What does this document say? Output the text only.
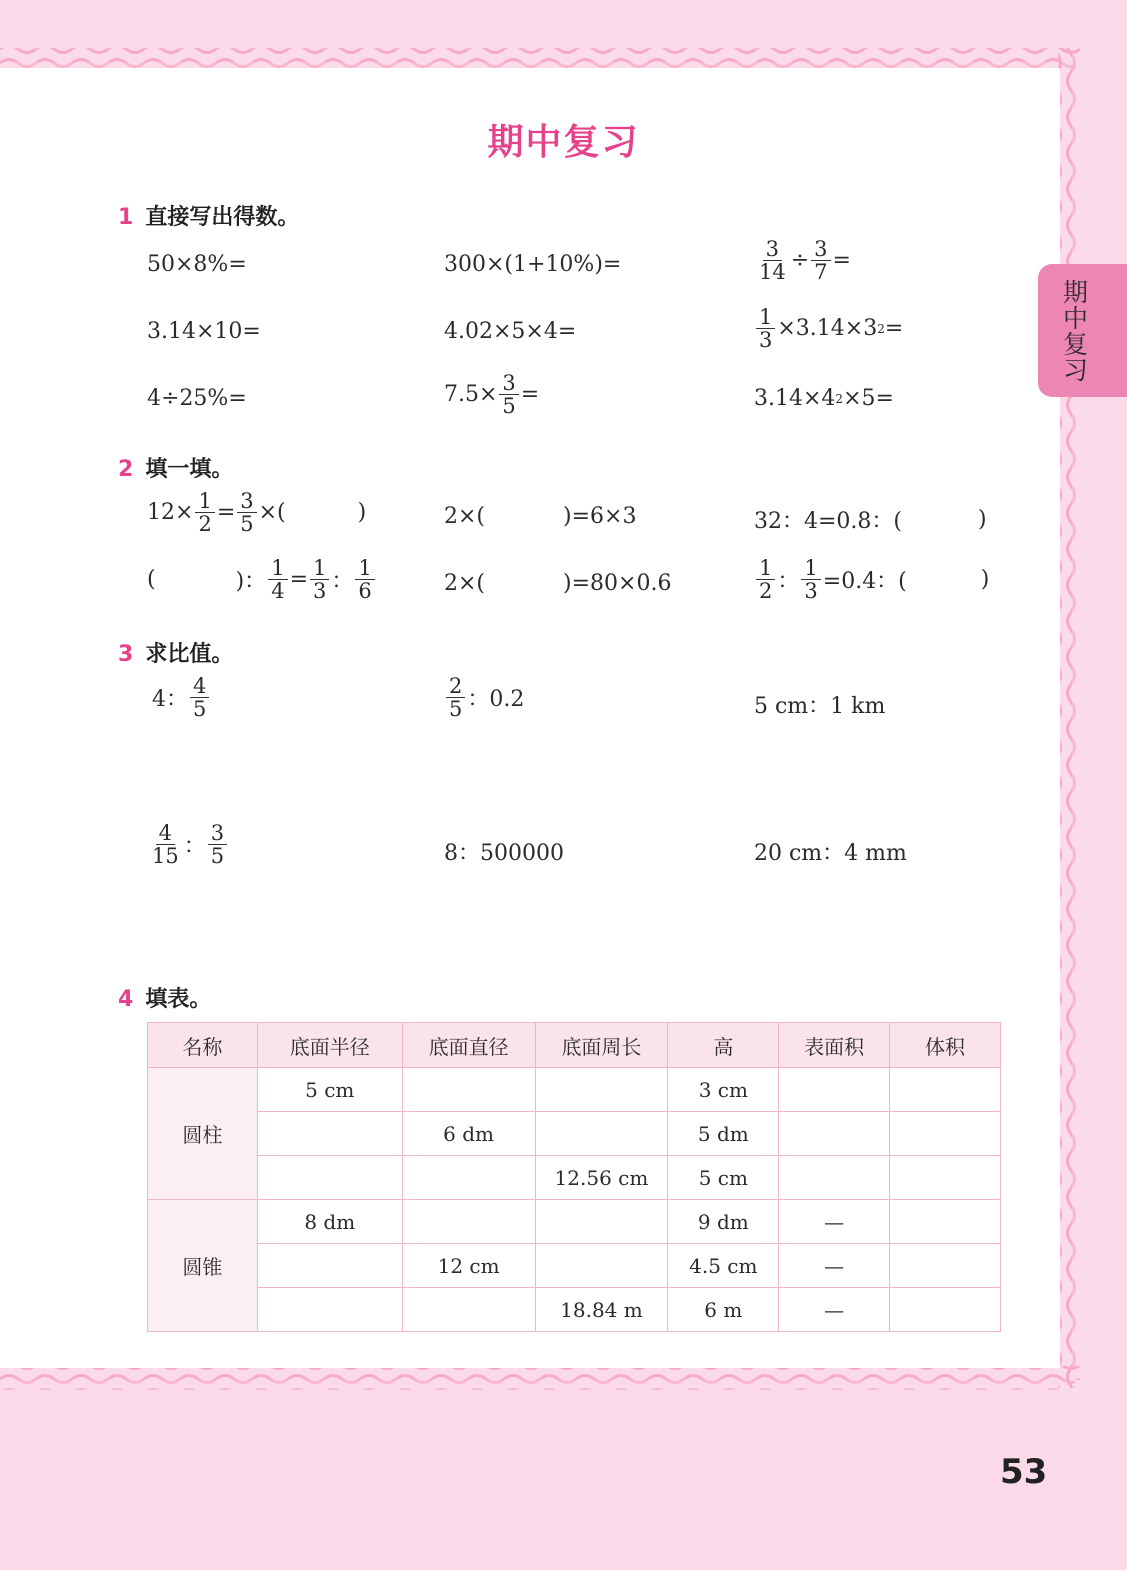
期中复习
期中复习
1 直接写出得数。
50×8%=	300×(1+10%)=	$\frac{3}{14} \div \frac{3}{7}$ =
3.14×10=	4.02×5×4=	$\frac{1}{3} \times 3.14\times 3$ 2 =
4÷25%=	$7.5\times \frac{3}{5}$ =	3.14×4 2 ×5=
2 填一填。
$12\times \frac{1}{2} = \frac{3}{5}$ ×(	)	2×(	)=6×3	32：4=0.8：(	)
(	)： $\frac{1}{4} = \frac{1}{3}$ ： $\frac{1}{6}$	2×(	)=80×0.6	$\frac{1}{2}$ ： $\frac{1}{3} =0.4$：(	)
3 求比值。
4： $\frac{4}{5}$	$\frac{2}{5}$ ：0.2	5 cm：1 km
$\frac{4}{15}$ ： $\frac{3}{5}$	8：500000	20 cm：4 mm
4 填表。
名称	底面半径	底面直径	底面周长	高	表面积	体积
圆柱	5 cm			3 cm		
		6 dm		5 dm		
			12.56 cm	5 cm		
圆锥	8 dm			9 dm	—	
		12 cm		4.5 cm	—	
			18.84 m	6 m	—	
53
